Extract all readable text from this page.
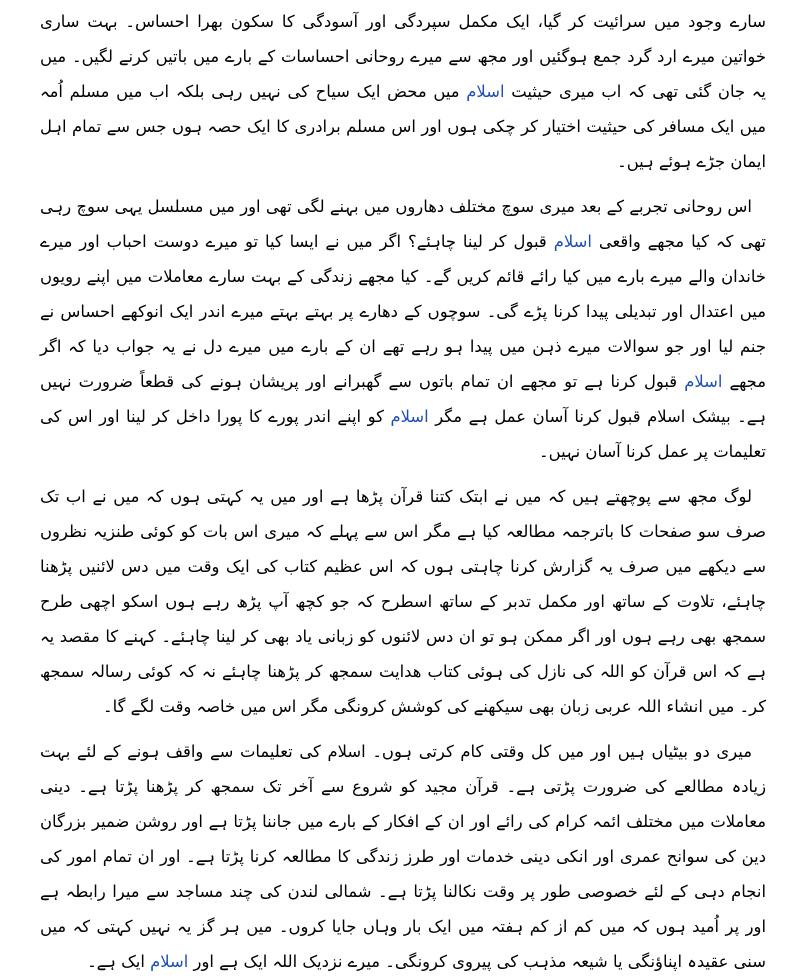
سارے وجود میں سرائیت کر گیا، ایک مکمل سپردگی اور آسودگی کا سکون بھرا احساس۔ بہت ساری خواتین میرے ارد گرد جمع ہوگئیں اور مجھ سے میرے روحانی احساسات کے بارے میں باتیں کرنے لگیں۔ میں یہ جان گئی تھی کہ اب میری حیثیت اسلام میں محض ایک سیاح کی نہیں رہی بلکہ اب میں مسلم اُمہ میں ایک مسافر کی حیثیت اختیار کر چکی ہوں اور اس مسلم برادری کا ایک حصہ ہوں جس سے تمام اہل ایمان جڑے ہوئے ہیں۔

اس روحانی تجربے کے بعد میری سوچ مختلف دھاروں میں بہنے لگی تھی اور میں مسلسل یہی سوچ رہی تھی کہ کیا مجھے واقعی اسلام قبول کر لینا چاہئے؟ اگر میں نے ایسا کیا تو میرے دوست احباب اور میرے خاندان والے میرے بارے میں کیا رائے قائم کریں گے۔ کیا مجھے زندگی کے بہت سارے معاملات میں اپنے رویوں میں اعتدال اور تبدیلی پیدا کرنا پڑے گی۔ سوچوں کے دھارے پر بہتے بہتے میرے اندر ایک انوکھے احساس نے جنم لیا اور جو سوالات میرے ذہن میں پیدا ہو رہے تھے ان کے بارے میں میرے دل نے یہ جواب دیا کہ اگر مجھے اسلام قبول کرنا ہے تو مجھے ان تمام باتوں سے گھبرانے اور پریشان ہونے کی قطعاً ضرورت نہیں ہے۔ بیشک اسلام قبول کرنا آسان عمل ہے مگر اسلام کو اپنے اندر پورے کا پورا داخل کر لینا اور اس کی تعلیمات پر عمل کرنا آسان نہیں۔

لوگ مجھ سے پوچھتے ہیں کہ میں نے ابتک کتنا قرآن پڑھا ہے اور میں یہ کہتی ہوں کہ میں نے اب تک صرف سو صفحات کا باترجمہ مطالعہ کیا ہے مگر اس سے پہلے کہ میری اس بات کو کوئی طنزیہ نظروں سے دیکھے میں صرف یہ گزارش کرنا چاہتی ہوں کہ اس عظیم کتاب کی ایک وقت میں دس لائنیں پڑھنا چاہئے، تلاوت کے ساتھ اور مکمل تدبر کے ساتھ اسطرح کہ جو کچھ آپ پڑھ رہے ہوں اسکو اچھی طرح سمجھ بھی رہے ہوں اور اگر ممکن ہو تو ان دس لائنوں کو زبانی یاد بھی کر لینا چاہئے۔ کہنے کا مقصد یہ ہے کہ اس قرآن کو اللہ کی نازل کی ہوئی کتاب ھدایت سمجھ کر پڑھنا چاہئے نہ کہ کوئی رسالہ سمجھ کر۔ میں انشاء اللہ عربی زبان بھی سیکھنے کی کوشش کرونگی مگر اس میں خاصہ وقت لگے گا۔

میری دو بیٹیاں ہیں اور میں کل وقتی کام کرتی ہوں۔ اسلام کی تعلیمات سے واقف ہونے کے لئے بہت زیادہ مطالعے کی ضرورت پڑتی ہے۔ قرآن مجید کو شروع سے آخر تک سمجھ کر پڑھنا پڑتا ہے۔ دینی معاملات میں مختلف ائمہ کرام کی رائے اور ان کے افکار کے بارے میں جاننا پڑتا ہے اور روشن ضمیر بزرگان دین کی سوانح عمری اور انکی دینی خدمات اور طرز زندگی کا مطالعہ کرنا پڑتا ہے۔ اور ان تمام امور کی انجام دہی کے لئے خصوصی طور پر وقت نکالنا پڑتا ہے۔ شمالی لندن کی چند مساجد سے میرا رابطہ ہے اور پر اُمید ہوں کہ میں کم از کم ہفتہ میں ایک بار وہاں جایا کروں۔ میں ہر گز یہ نہیں کہتی کہ میں سنی عقیدہ اپناؤنگی یا شیعہ مذہب کی پیروی کرونگی۔ میرے نزدیک اللہ ایک ہے اور اسلام ایک ہے۔
